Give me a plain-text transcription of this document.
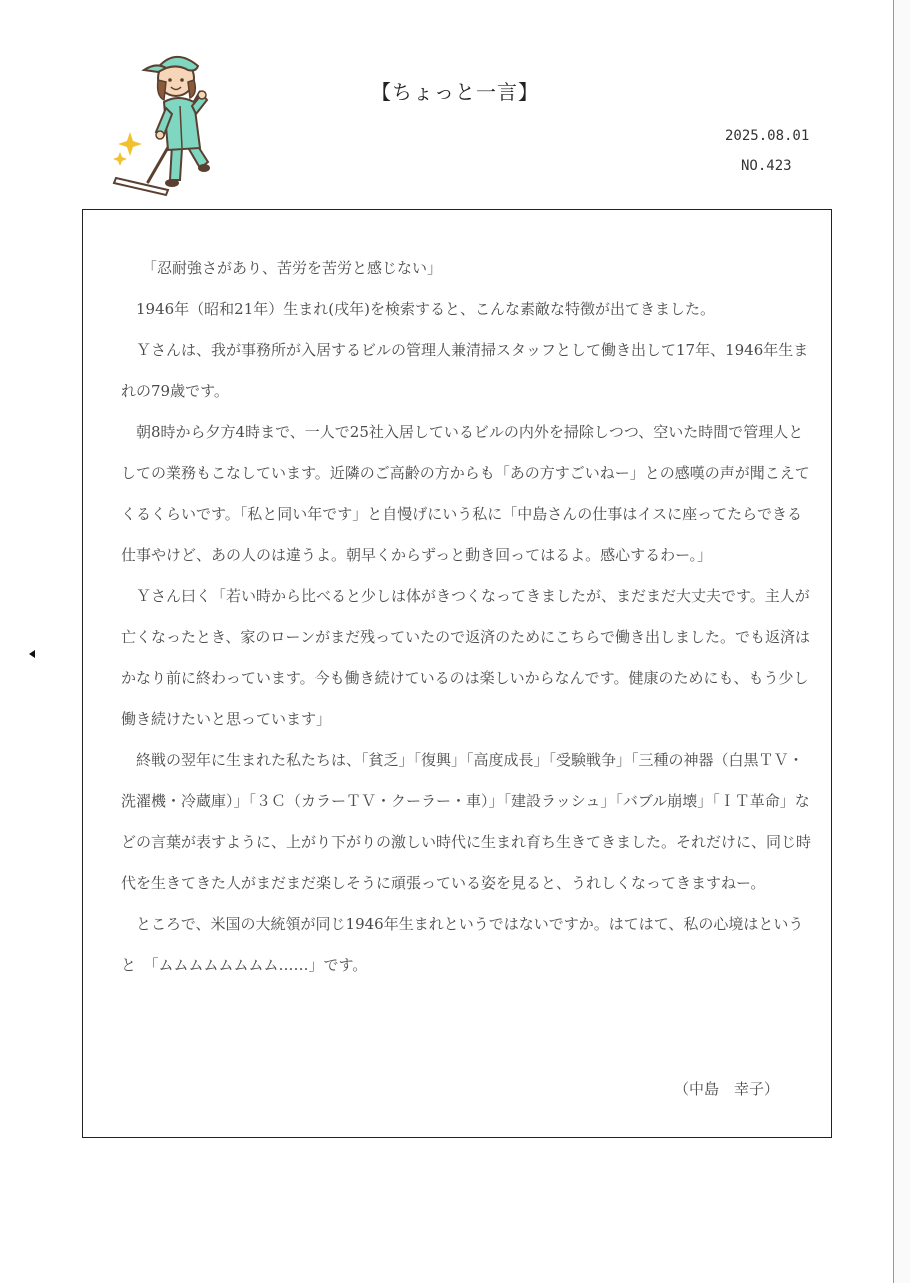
【ちょっと一言】
2025.08.01
NO.423

「忍耐強さがあり、苦労を苦労と感じない」

1946年（昭和21年）生まれ(戌年)を検索すると、こんな素敵な特徴が出てきました。

Ｙさんは、我が事務所が入居するビルの管理人兼清掃スタッフとして働き出して17年、1946年生まれの79歳です。

朝8時から夕方4時まで、一人で25社入居しているビルの内外を掃除しつつ、空いた時間で管理人としての業務もこなしています。近隣のご高齢の方からも「あの方すごいねー」との感嘆の声が聞こえてくるくらいです。「私と同い年です」と自慢げにいう私に「中島さんの仕事はイスに座ってたらできる仕事やけど、あの人のは違うよ。朝早くからずっと動き回ってはるよ。感心するわー。」

Ｙさん曰く「若い時から比べると少しは体がきつくなってきましたが、まだまだ大丈夫です。主人が亡くなったとき、家のローンがまだ残っていたので返済のためにこちらで働き出しました。でも返済はかなり前に終わっています。今も働き続けているのは楽しいからなんです。健康のためにも、もう少し働き続けたいと思っています」

終戦の翌年に生まれた私たちは、「貧乏」「復興」「高度成長」「受験戦争」「三種の神器（白黒ＴＶ・洗濯機・冷蔵庫）」「３Ｃ（カラーＴＶ・クーラー・車）」「建設ラッシュ」「バブル崩壊」「ＩＴ革命」などの言葉が表すように、上がり下がりの激しい時代に生まれ育ち生きてきました。それだけに、同じ時代を生きてきた人がまだまだ楽しそうに頑張っている姿を見ると、うれしくなってきますねー。

ところで、米国の大統領が同じ1946年生まれというではないですか。はてはて、私の心境はというと　「ムムムムムムムム……」です。

（中島　幸子）
